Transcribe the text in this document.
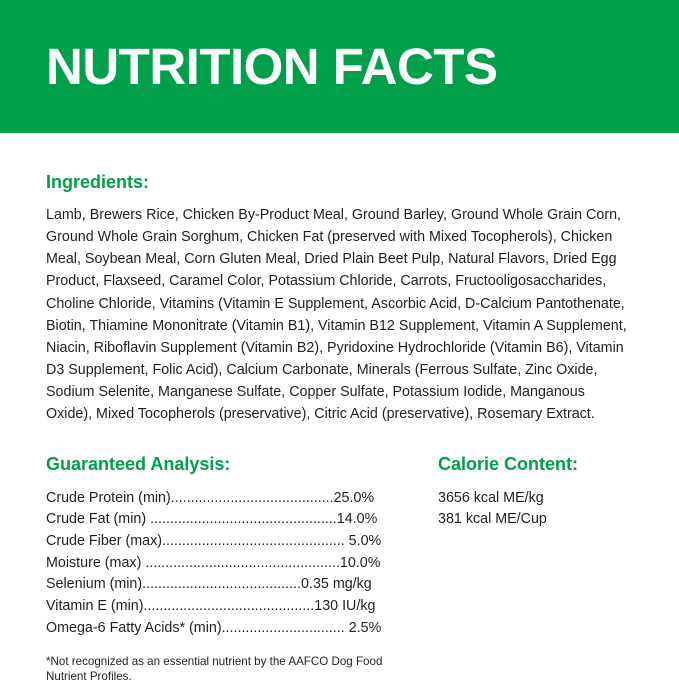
NUTRITION FACTS
Ingredients:

Lamb, Brewers Rice, Chicken By-Product Meal, Ground Barley, Ground Whole Grain Corn, Ground Whole Grain Sorghum, Chicken Fat (preserved with Mixed Tocopherols), Chicken Meal, Soybean Meal, Corn Gluten Meal, Dried Plain Beet Pulp, Natural Flavors, Dried Egg Product, Flaxseed, Caramel Color, Potassium Chloride, Carrots, Fructooligosaccharides, Choline Chloride, Vitamins (Vitamin E Supplement, Ascorbic Acid, D-Calcium Pantothenate, Biotin, Thiamine Mononitrate (Vitamin B1), Vitamin B12 Supplement, Vitamin A Supplement, Niacin, Riboflavin Supplement (Vitamin B2), Pyridoxine Hydrochloride (Vitamin B6), Vitamin D3 Supplement, Folic Acid), Calcium Carbonate, Minerals (Ferrous Sulfate, Zinc Oxide, Sodium Selenite, Manganese Sulfate, Copper Sulfate, Potassium Iodide, Manganous Oxide), Mixed Tocopherols (preservative), Citric Acid (preservative), Rosemary Extract.

Guaranteed Analysis:
Crude Protein (min).........................................25.0%
Crude Fat (min) ...............................................14.0%
Crude Fiber (max).............................................. 5.0%
Moisture (max) .................................................10.0%
Selenium (min)........................................0.35 mg/kg
Vitamin E (min)...........................................130 IU/kg
Omega-6 Fatty Acids* (min)............................... 2.5%

*Not recognized as an essential nutrient by the AAFCO Dog Food Nutrient Profiles.

Calorie Content:
3656 kcal ME/kg
381 kcal ME/Cup
